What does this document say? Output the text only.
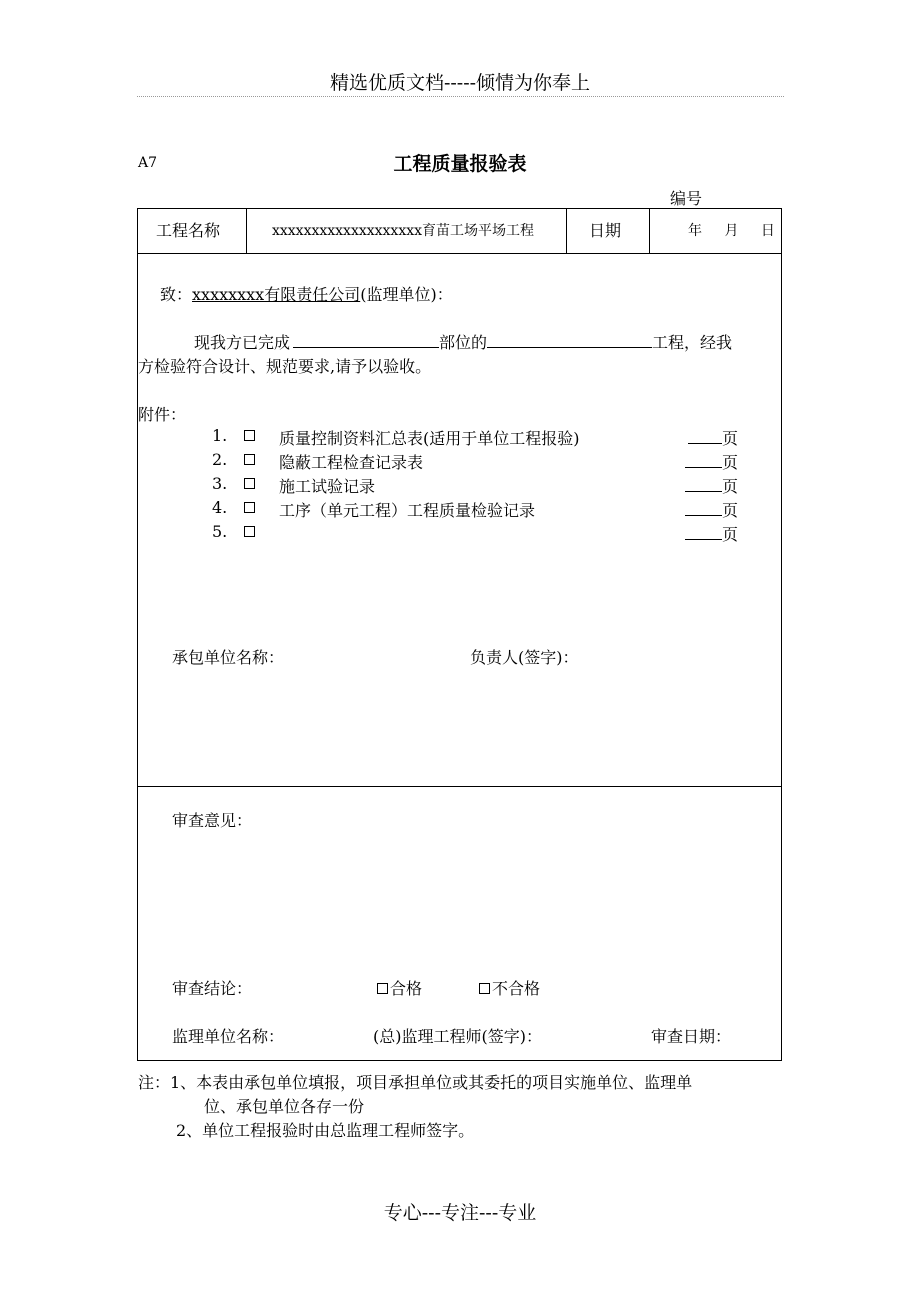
精选优质文档-----倾情为你奉上
A7	工程质量报验表
编号
工程名称	xxxxxxxxxxxxxxxxxxx育苗工场平场工程	日期	年 月 日
致：xxxxxxxx有限责任公司(监理单位)：
现我方已完成	部位的	工程，经我
方检验符合设计、规范要求,请予以验收。
附件：
1.	质量控制资料汇总表(适用于单位工程报验)	页
2.	隐蔽工程检查记录表	页
3.	施工试验记录	页
4.	工序（单元工程）工程质量检验记录	页
5.	页
承包单位名称：	负责人(签字)：
审查意见：
审查结论：	合格	不合格
监理单位名称：	(总)监理工程师(签字)：	审查日期：
注：1、本表由承包单位填报，项目承担单位或其委托的项目实施单位、监理单
位、承包单位各存一份
2、单位工程报验时由总监理工程师签字。
专心---专注---专业
